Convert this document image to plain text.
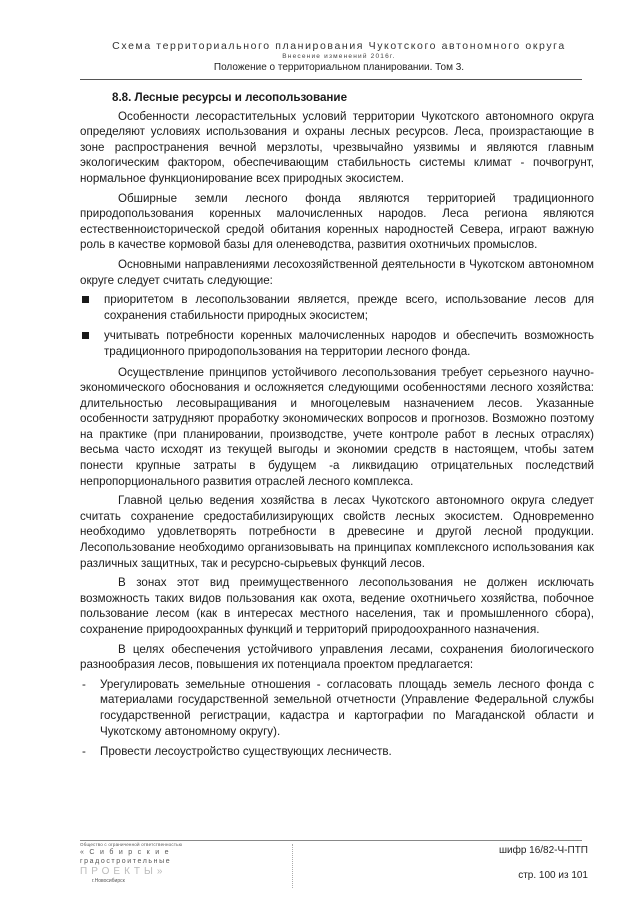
Схема территориального планирования Чукотского автономного округа
Внесение изменений 2016г.
Положение о территориальном планировании. Том 3.
8.8. Лесные ресурсы и лесопользование

Особенности лесорастительных условий территории Чукотского автономного округа определяют условиях использования и охраны лесных ресурсов. Леса, произрастающие в зоне распространения вечной мерзлоты, чрезвычайно уязвимы и являются главным экологическим фактором, обеспечивающим стабильность системы климат - почвогрунт, нормальное функционирование всех природных экосистем.

Обширные земли лесного фонда являются территорией традиционного природопользования коренных малочисленных народов. Леса региона являются естественноисторической средой обитания коренных народностей Севера, играют важную роль в качестве кормовой базы для оленеводства, развития охотничьих промыслов.

Основными направлениями лесохозяйственной деятельности в Чукотском автономном округе следует считать следующие:

приоритетом в лесопользовании является, прежде всего, использование лесов для сохранения стабильности природных экосистем;
учитывать потребности коренных малочисленных народов и обеспечить возможность традиционного природопользования на территории лесного фонда.

Осуществление принципов устойчивого лесопользования требует серьезного научно-экономического обоснования и осложняется следующими особенностями лесного хозяйства: длительностью лесовыращивания и многоцелевым назначением лесов. Указанные особенности затрудняют проработку экономических вопросов и прогнозов. Возможно поэтому на практике (при планировании, производстве, учете контроле работ в лесных отраслях) весьма часто исходят из текущей выгоды и экономии средств в настоящем, чтобы затем понести крупные затраты в будущем -а ликвидацию отрицательных последствий непропорционального развития отраслей лесного комплекса.

Главной целью ведения хозяйства в лесах Чукотского автономного округа следует считать сохранение средостабилизирующих свойств лесных экосистем. Одновременно необходимо удовлетворять потребности в древесине и другой лесной продукции. Лесопользование необходимо организовывать на принципах комплексного использования как различных защитных, так и ресурсно-сырьевых функций лесов.

В зонах этот вид преимущественного лесопользования не должен исключать возможность таких видов пользования как охота, ведение охотничьего хозяйства, побочное пользование лесом (как в интересах местного населения, так и промышленного сбора), сохранение природоохранных функций и территорий природоохранного назначения.

В целях обеспечения устойчивого управления лесами, сохранения биологического разнообразия лесов, повышения их потенциала проектом предлагается:

- Урегулировать земельные отношения - согласовать площадь земель лесного фонда с материалами государственной земельной отчетности (Управление Федеральной службы государственной регистрации, кадастра и картографии по Магаданской области и Чукотскому автономному округу).
- Провести лесоустройство существующих лесничеств.
Общество с ограниченной ответственностью
«Сибирские
градостроительные
ПРОЕКТЫ»
г.Новосибирск
шифр 16/82-Ч-ПТП
стр. 100 из 101
